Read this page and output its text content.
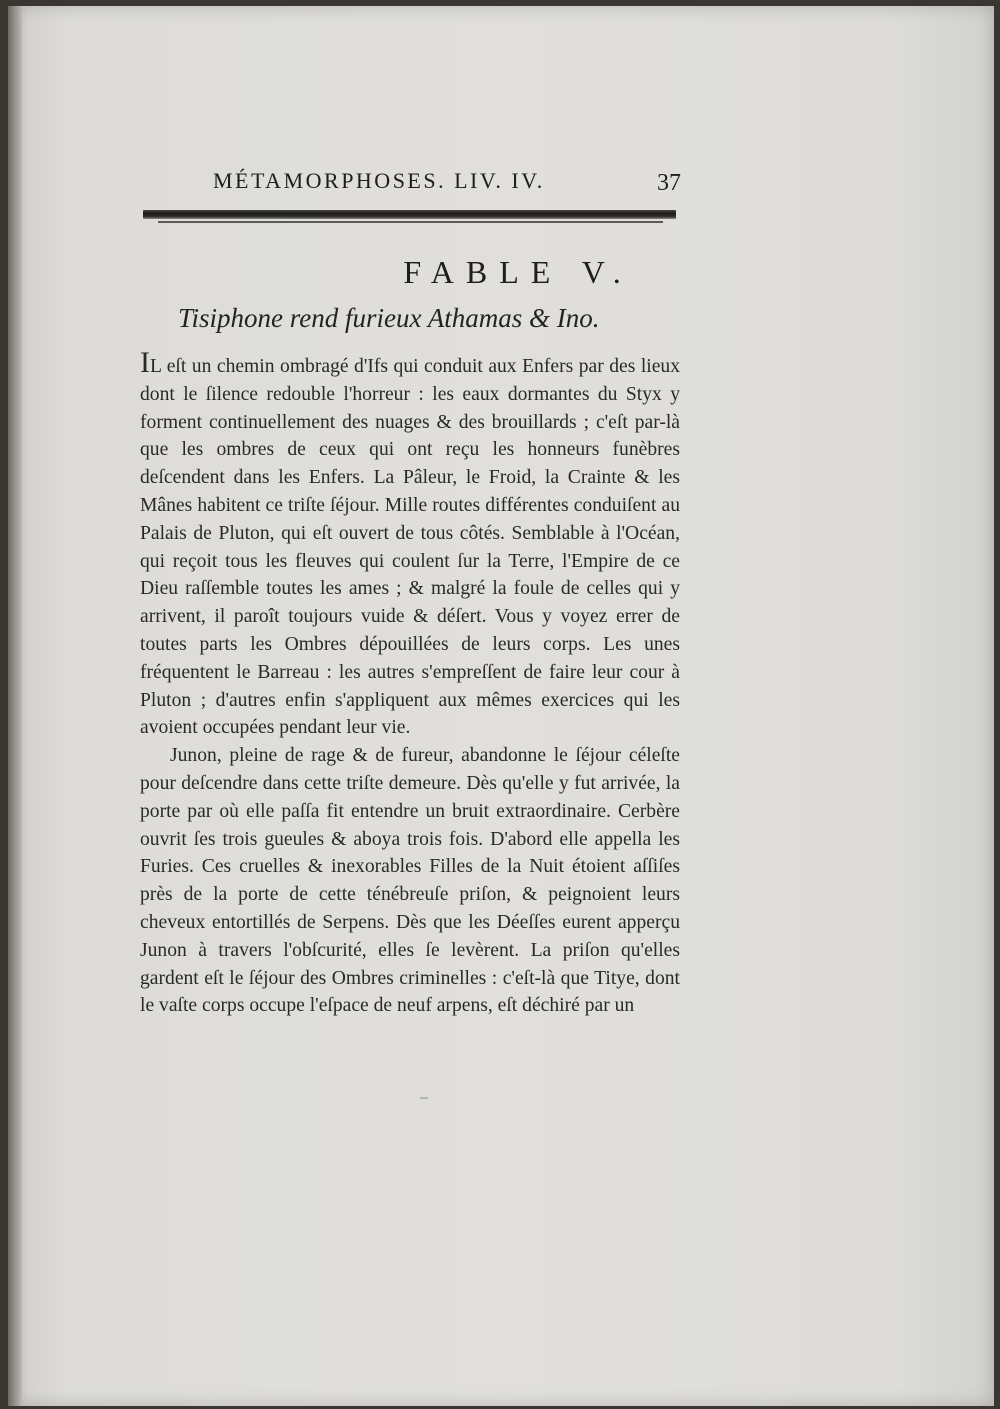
MÉTAMORPHOSES. LIV. IV.	37
FABLE V.
Tisiphone rend furieux Athamas & Ino.

IL eſt un chemin ombragé d'Ifs qui conduit aux Enfers par des lieux dont le ſilence redouble l'horreur : les eaux dormantes du Styx y forment continuellement des nuages & des brouillards ; c'eſt par-là que les ombres de ceux qui ont reçu les honneurs funèbres deſcendent dans les Enfers. La Pâleur, le Froid, la Crainte & les Mânes habitent ce triſte ſéjour. Mille routes différentes conduiſent au Palais de Pluton, qui eſt ouvert de tous côtés. Semblable à l'Océan, qui reçoit tous les fleuves qui coulent ſur la Terre, l'Empire de ce Dieu raſſemble toutes les ames ; & malgré la foule de celles qui y arrivent, il paroît toujours vuide & déſert. Vous y voyez errer de toutes parts les Ombres dépouillées de leurs corps. Les unes fréquentent le Barreau : les autres s'empreſſent de faire leur cour à Pluton ; d'autres enfin s'appliquent aux mêmes exercices qui les avoient occupées pendant leur vie.

Junon, pleine de rage & de fureur, abandonne le ſéjour céleſte pour deſcendre dans cette triſte demeure. Dès qu'elle y fut arrivée, la porte par où elle paſſa fit entendre un bruit extraordinaire. Cerbère ouvrit ſes trois gueules & aboya trois fois. D'abord elle appella les Furies. Ces cruelles & inexorables Filles de la Nuit étoient aſſiſes près de la porte de cette ténébreuſe priſon, & peignoient leurs cheveux entortillés de Serpens. Dès que les Déeſſes eurent apperçu Junon à travers l'obſcurité, elles ſe levèrent. La priſon qu'elles gardent eſt le ſéjour des Ombres criminelles : c'eſt-là que Titye, dont le vaſte corps occupe l'eſpace de neuf arpens, eſt déchiré par un

–
